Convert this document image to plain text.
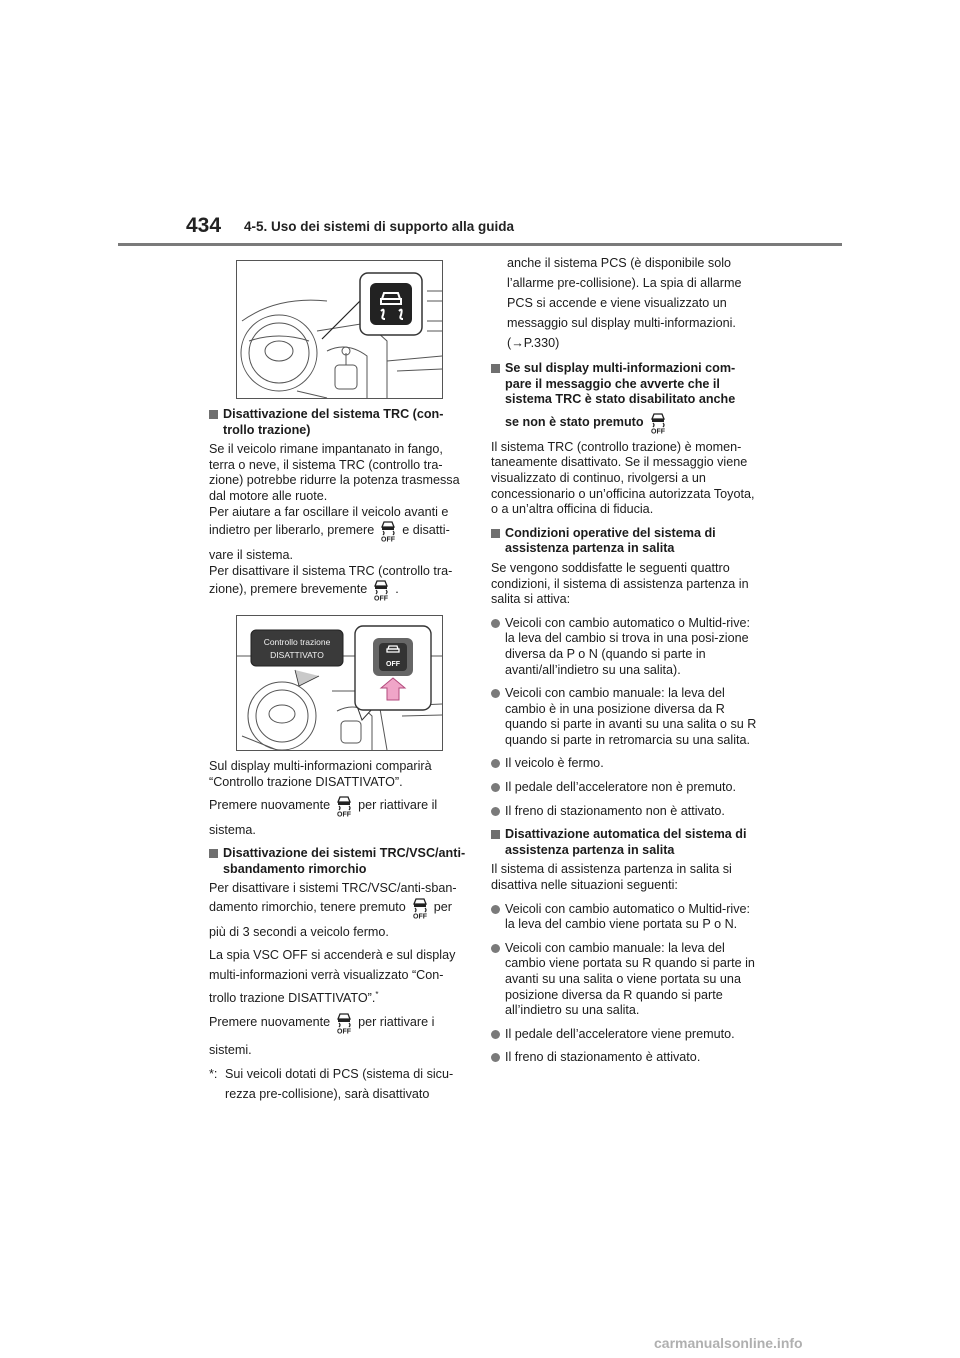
434 4-5. Uso dei sistemi di supporto alla guida

Disattivazione del sistema TRC (con-trollo trazione)

Se il veicolo rimane impantanato in fango, terra o neve, il sistema TRC (controllo tra-zione) potrebbe ridurre la potenza trasmessa dal motore alle ruote.

Per aiutare a far oscillare il veicolo avanti e

indietro per liberarlo, premere
OFF
e disatti-

vare il sistema.

Per disattivare il sistema TRC (controllo tra-

zione), premere brevemente
OFF
.

Controllo trazione
DISATTIVATO
OFF

Sul display multi-informazioni comparirà “Controllo trazione DISATTIVATO”.

Premere nuovamente
OFF
per riattivare il

sistema.

Disattivazione dei sistemi TRC/VSC/anti-sbandamento rimorchio

Per disattivare i sistemi TRC/VSC/anti-sban-

damento rimorchio, tenere premuto
OFF
per

più di 3 secondi a veicolo fermo.

La spia VSC OFF si accenderà e sul display

multi-informazioni verrà visualizzato “Con-

trollo trazione DISATTIVATO”.*

Premere nuovamente
OFF
per riattivare i

sistemi.

*: Sui veicoli dotati di PCS (sistema di sicu-

rezza pre-collisione), sarà disattivato

anche il sistema PCS (è disponibile solo

l’allarme pre-collisione). La spia di allarme

PCS si accende e viene visualizzato un

messaggio sul display multi-informazioni.

(→P.330)

Se sul display multi-informazioni com-pare il messaggio che avverte che il sistema TRC è stato disabilitato anche

se non è stato premuto
OFF

Il sistema TRC (controllo trazione) è momen-taneamente disattivato. Se il messaggio viene visualizzato di continuo, rivolgersi a un concessionario o un’officina autorizzata Toyota, o a un’altra officina di fiducia.

Condizioni operative del sistema di assistenza partenza in salita

Se vengono soddisfatte le seguenti quattro condizioni, il sistema di assistenza partenza in salita si attiva:

Veicoli con cambio automatico o Multid-rive: la leva del cambio si trova in una posi-zione diversa da P o N (quando si parte in avanti/all’indietro su una salita).

Veicoli con cambio manuale: la leva del cambio è in una posizione diversa da R quando si parte in avanti su una salita o su R quando si parte in retromarcia su una salita.

Il veicolo è fermo.

Il pedale dell’acceleratore non è premuto.

Il freno di stazionamento non è attivato.

Disattivazione automatica del sistema di assistenza partenza in salita

Il sistema di assistenza partenza in salita si disattiva nelle situazioni seguenti:

Veicoli con cambio automatico o Multid-rive: la leva del cambio viene portata su P o N.

Veicoli con cambio manuale: la leva del cambio viene portata su R quando si parte in avanti su una salita o viene portata su una posizione diversa da R quando si parte all’indietro su una salita.

Il pedale dell’acceleratore viene premuto.

Il freno di stazionamento è attivato.

carmanualsonline.info
